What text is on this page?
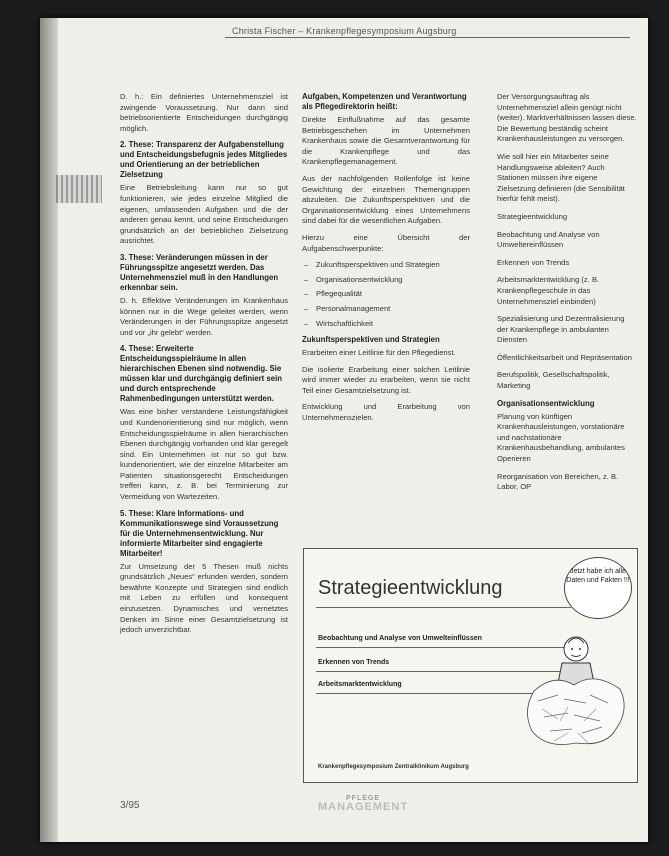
Christa Fischer – Krankenpflegesymposium Augsburg

D. h.: Ein definiertes Unternehmensziel ist zwingende Voraussetzung. Nur dann sind betriebsorientierte Entscheidungen durchgängig möglich.

2. These: Transparenz der Aufgabenstellung und Entscheidungsbefugnis jedes Mitgliedes und Orientierung an der betrieblichen Zielsetzung

Eine Betriebsleitung kann nur so gut funktionieren, wie jedes einzelne Mitglied die eigenen, umfassenden Aufgaben und die der anderen genau kennt, und seine Entscheidungen grundsätzlich an der betrieblichen Zielsetzung ausrichtet.

3. These: Veränderungen müssen in der Führungsspitze angesetzt werden. Das Unternehmensziel muß in den Handlungen erkennbar sein.

D. h. Effektive Veränderungen im Krankenhaus können nur in die Wege geleitet werden, wenn Veränderungen in der Führungsspitze angesetzt und vor „ihr gelebt“ werden.

4. These: Erweiterte Entscheidungsspielräume in allen hierarchischen Ebenen sind notwendig. Sie müssen klar und durchgängig definiert sein und durch entsprechende Rahmenbedingungen unterstützt werden.

Was eine bisher verstandene Leistungsfähigkeit und Kundenorientierung sind nur möglich, wenn Entscheidungsspielräume in allen hierarchischen Ebenen durchgängig vorhanden und klar geregelt sind. Ein Unternehmen ist nur so gut bzw. kundenorientiert, wie der einzelne Mitarbeiter am Patienten situationsgerecht Entscheidungen treffen kann, z. B. bei Terminierung zur Vermeidung von Wartezeiten.

5. These: Klare Informations- und Kommunikationswege sind Voraussetzung für die Unternehmensentwicklung. Nur informierte Mitarbeiter sind engagierte Mitarbeiter!

Zur Umsetzung der 5 Thesen muß nichts grundsätzlich „Neues“ erfunden werden, sondern bewährte Konzepte und Strategien sind endlich mit Leben zu erfüllen und konsequent einzusetzen. Dynamisches und vernetztes Denken im Sinne einer Gesamtzielsetzung ist jedoch unverzichtbar.

Aufgaben, Kompetenzen und Verantwortung als Pflegedirektorin heißt:

Direkte Einflußnahme auf das gesamte Betriebsgeschehen im Unternehmen Krankenhaus sowie die Gesamtverantwortung für die Krankenpflege und das Krankenpflegemanagement.

Aus der nachfolgenden Rollenfolge ist keine Gewichtung der einzelnen Themengruppen abzuleiten. Die Zukunftsperspektiven und die Organisationsentwicklung eines Unternehmens sind dabei für die wesentlichen Aufgaben.

Hierzu eine Übersicht der Aufgabenschwerpunkte:

– Zukunftsperspektiven und Strategien
– Organisationsentwicklung
– Pflegequalität
– Personalmanagement
– Wirtschaftlichkeit
Zukunftsperspektiven und Strategien

Erarbeiten einer Leitlinie für den Pflegedienst.

Die isolierte Erarbeitung einer solchen Leitlinie wird immer wieder zu erarbeiten, wenn sie nicht Teil einer Gesamtzielsetzung ist.

Entwicklung und Erarbeitung von Unternehmenszielen.

Der Versorgungsauftrag als Unternehmensziel allein genügt nicht (weiter). Marktverhältnissen lassen diese. Die Bewertung beständig scheint Krankenhausleistungen zu versorgen.

Wie soll hier ein Mitarbeiter seine Handlungsweise ableiten? Auch Stationen müssen ihre eigene Zielsetzung definieren (die Sensibilität hierfür fehlt meist).

Strategieentwicklung

Beobachtung und Analyse von Umweltereinflüssen

Erkennen von Trends

Arbeitsmarktentwicklung (z. B. Krankenpflegeschule in das Unternehmensziel einbinden)

Spezialisierung und Dezentralisierung der Krankenpflege in ambulanten Diensten

Öffentlichkeitsarbeit und Repräsentation

Berufspolitik, Gesellschaftspolitik, Marketing

Organisationsentwicklung

Planung von künftigen Krankenhausleistungen, vorstationäre und nachstationäre Krankenhausbehandlung, ambulantes Operieren

Reorganisation von Bereichen, z. B. Labor, OP

Strategieentwicklung
Beobachtung und Analyse von Umwelteinflüssen
Erkennen von Trends
Arbeitsmarktentwicklung
Jetzt habe ich alle Daten und Fakten !!!
Krankenpflegesymposium Zentralklinikum Augsburg
3/95
PFLEGE
MANAGEMENT
